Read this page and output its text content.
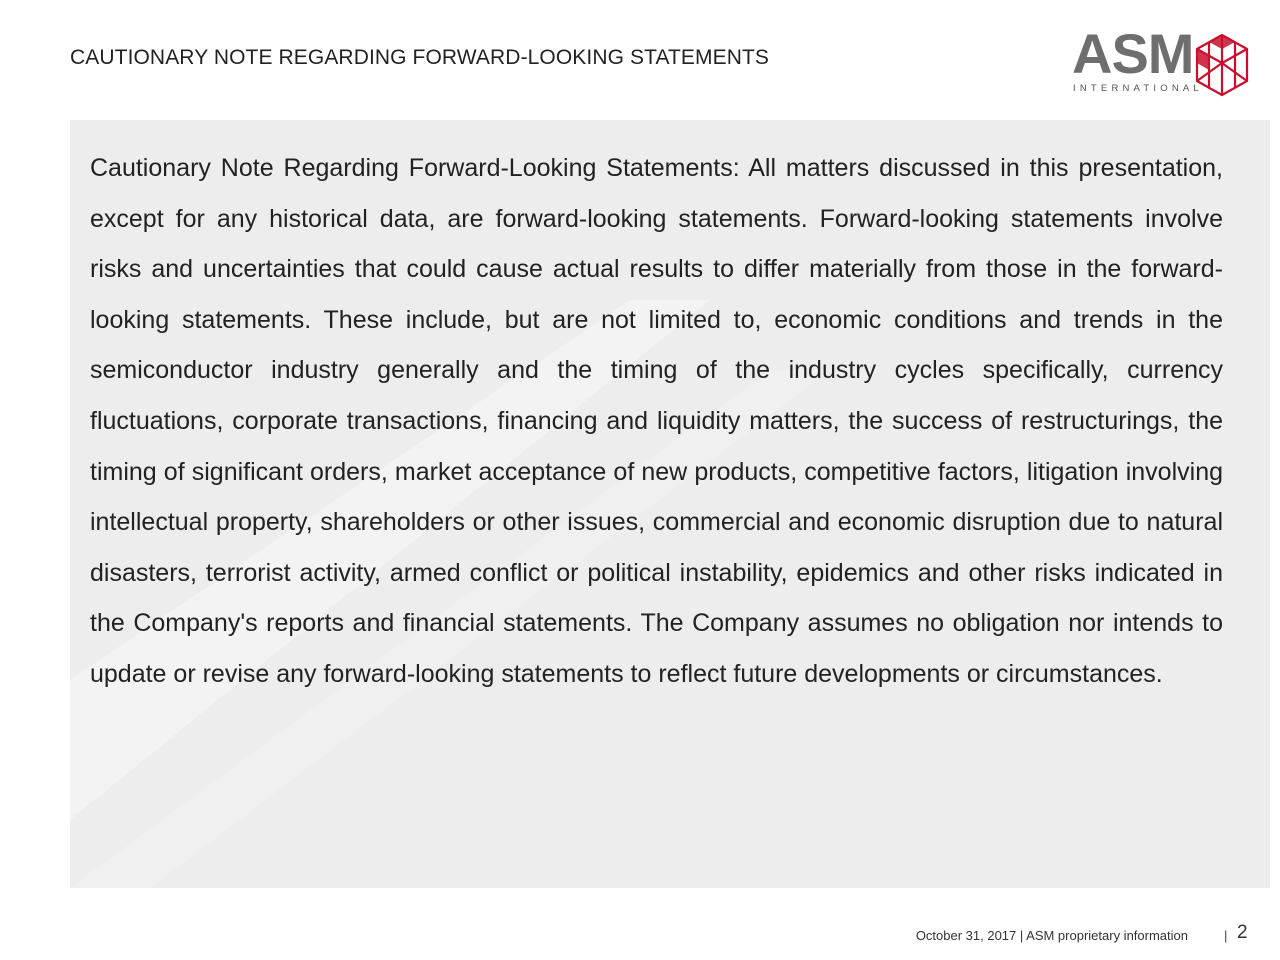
CAUTIONARY NOTE REGARDING FORWARD-LOOKING STATEMENTS	ASM
INTERNATIONAL

Cautionary Note Regarding Forward-Looking Statements: All matters discussed in this presentation, except for any historical data, are forward-looking statements. Forward-looking statements involve risks and uncertainties that could cause actual results to differ materially from those in the forward-looking statements. These include, but are not limited to, economic conditions and trends in the semiconductor industry generally and the timing of the industry cycles specifically, currency fluctuations, corporate transactions, financing and liquidity matters, the success of restructurings, the timing of significant orders, market acceptance of new products, competitive factors, litigation involving intellectual property, shareholders or other issues, commercial and economic disruption due to natural disasters, terrorist activity, armed conflict or political instability, epidemics and other risks indicated in the Company's reports and financial statements. The Company assumes no obligation nor intends to update or revise any forward-looking statements to reflect future developments or circumstances.

October 31, 2017 | ASM proprietary information	| 2
